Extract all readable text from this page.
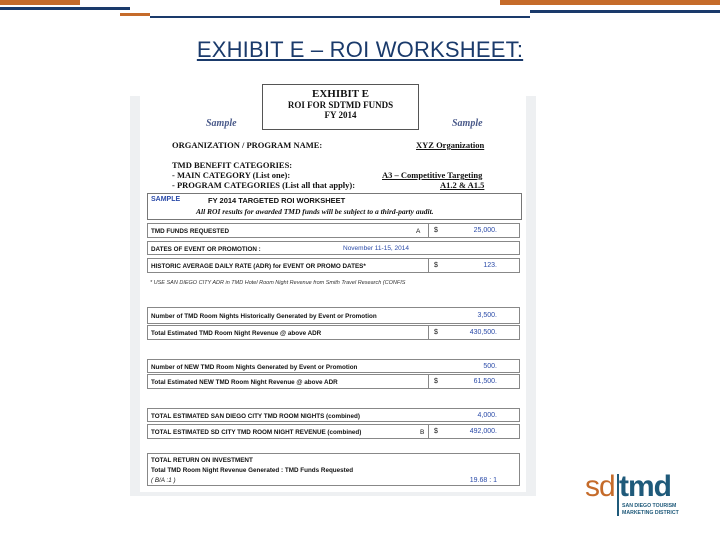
EXHIBIT E – ROI WORKSHEET:
EXHIBIT E
ROI FOR SDTMD FUNDS
FY 2014
Sample	Sample
ORGANIZATION / PROGRAM NAME:	XYZ Organization
TMD BENEFIT CATEGORIES:
- MAIN CATEGORY (List one):	A3 – Competitive Targeting
- PROGRAM CATEGORIES (List all that apply):	A1.2 & A1.5
SAMPLE	FY 2014 TARGETED ROI WORKSHEET
All ROI results for awarded TMD funds will be subject to a third-party audit.
TMD FUNDS REQUESTED	A $	25,000.
DATES OF EVENT OR PROMOTION :	November 11-15, 2014
HISTORIC AVERAGE DAILY RATE (ADR) for EVENT OR PROMO DATES*	$	123.
* USE SAN DIEGO CITY ADR in TMD Hotel Room Night Revenue from Smith Travel Research (CONFIS
Number of TMD Room Nights Historically Generated by Event or Promotion	3,500.
Total Estimated TMD Room Night Revenue @ above ADR	$	430,500.
Number of NEW TMD Room Nights Generated by Event or Promotion	500.
Total Estimated NEW TMD Room Night Revenue @ above ADR	$	61,500.
TOTAL ESTIMATED SAN DIEGO CITY TMD ROOM NIGHTS (combined)	4,000.
TOTAL ESTIMATED SD CITY TMD ROOM NIGHT REVENUE (combined)	B $	492,000.
TOTAL RETURN ON INVESTMENT
Total TMD Room Night Revenue Generated : TMD Funds Requested
( B/A :1 )	19.68 : 1	sd tmd
SAN DIEGO TOURISM
MARKETING DISTRICT
